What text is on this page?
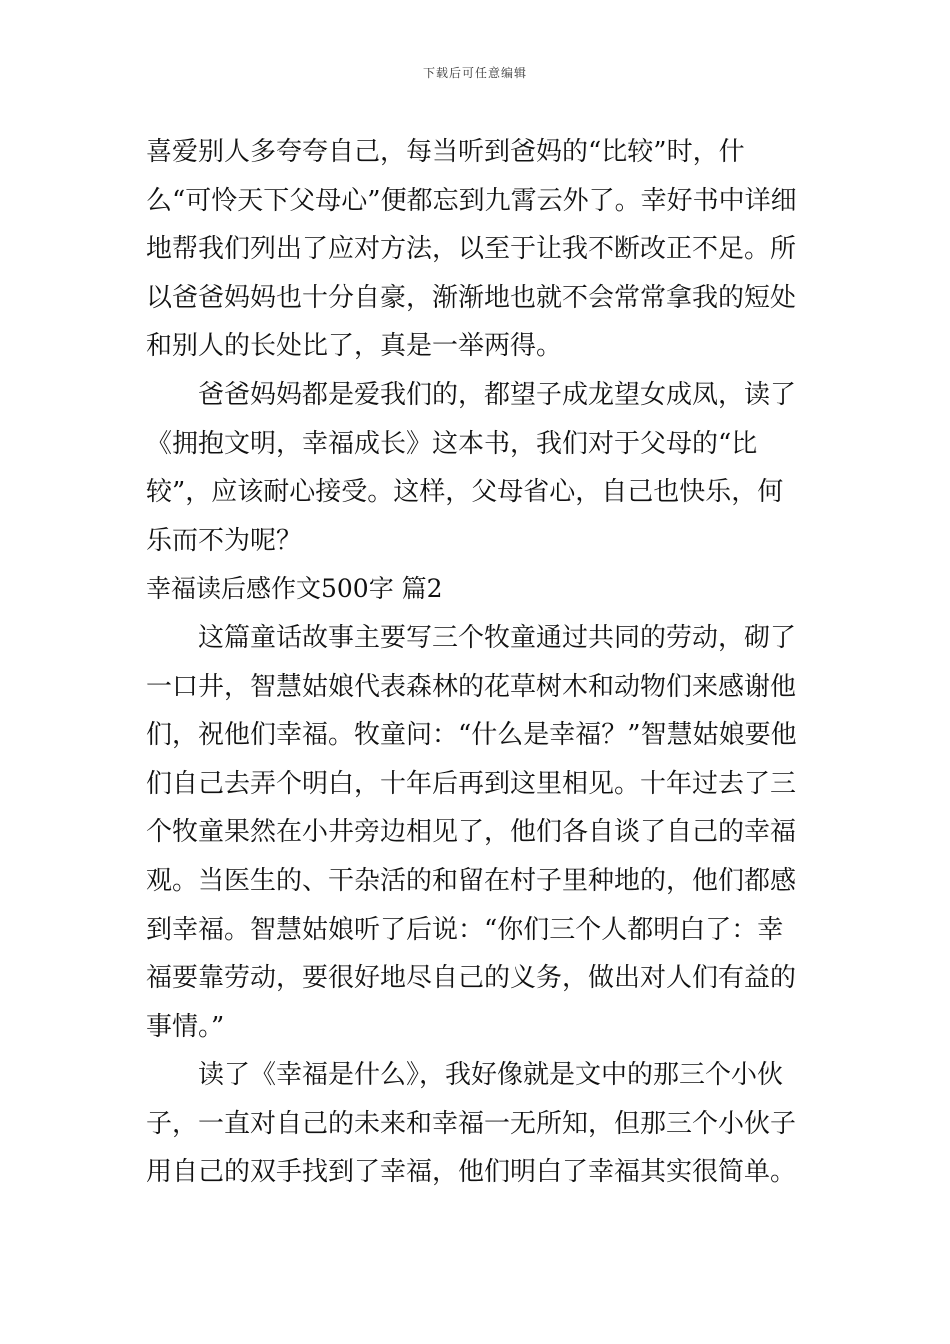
下载后可任意编辑

喜爱别人多夸夸自己，每当听到爸妈的“比较”时，什么“可怜天下父母心”便都忘到九霄云外了。幸好书中详细地帮我们列出了应对方法，以至于让我不断改正不足。所以爸爸妈妈也十分自豪，渐渐地也就不会常常拿我的短处和别人的长处比了，真是一举两得。

爸爸妈妈都是爱我们的，都望子成龙望女成凤，读了《拥抱文明，幸福成长》这本书，我们对于父母的“比较”，应该耐心接受。这样，父母省心，自己也快乐，何乐而不为呢？

幸福读后感作文500字 篇2

这篇童话故事主要写三个牧童通过共同的劳动，砌了一口井，智慧姑娘代表森林的花草树木和动物们来感谢他们，祝他们幸福。牧童问：“什么是幸福？”智慧姑娘要他们自己去弄个明白，十年后再到这里相见。十年过去了三个牧童果然在小井旁边相见了，他们各自谈了自己的幸福观。当医生的、干杂活的和留在村子里种地的，他们都感到幸福。智慧姑娘听了后说：“你们三个人都明白了：幸福要靠劳动，要很好地尽自己的义务，做出对人们有益的事情。”

读了《幸福是什么》，我好像就是文中的那三个小伙子，一直对自己的未来和幸福一无所知，但那三个小伙子用自己的双手找到了幸福，他们明白了幸福其实很简单。
